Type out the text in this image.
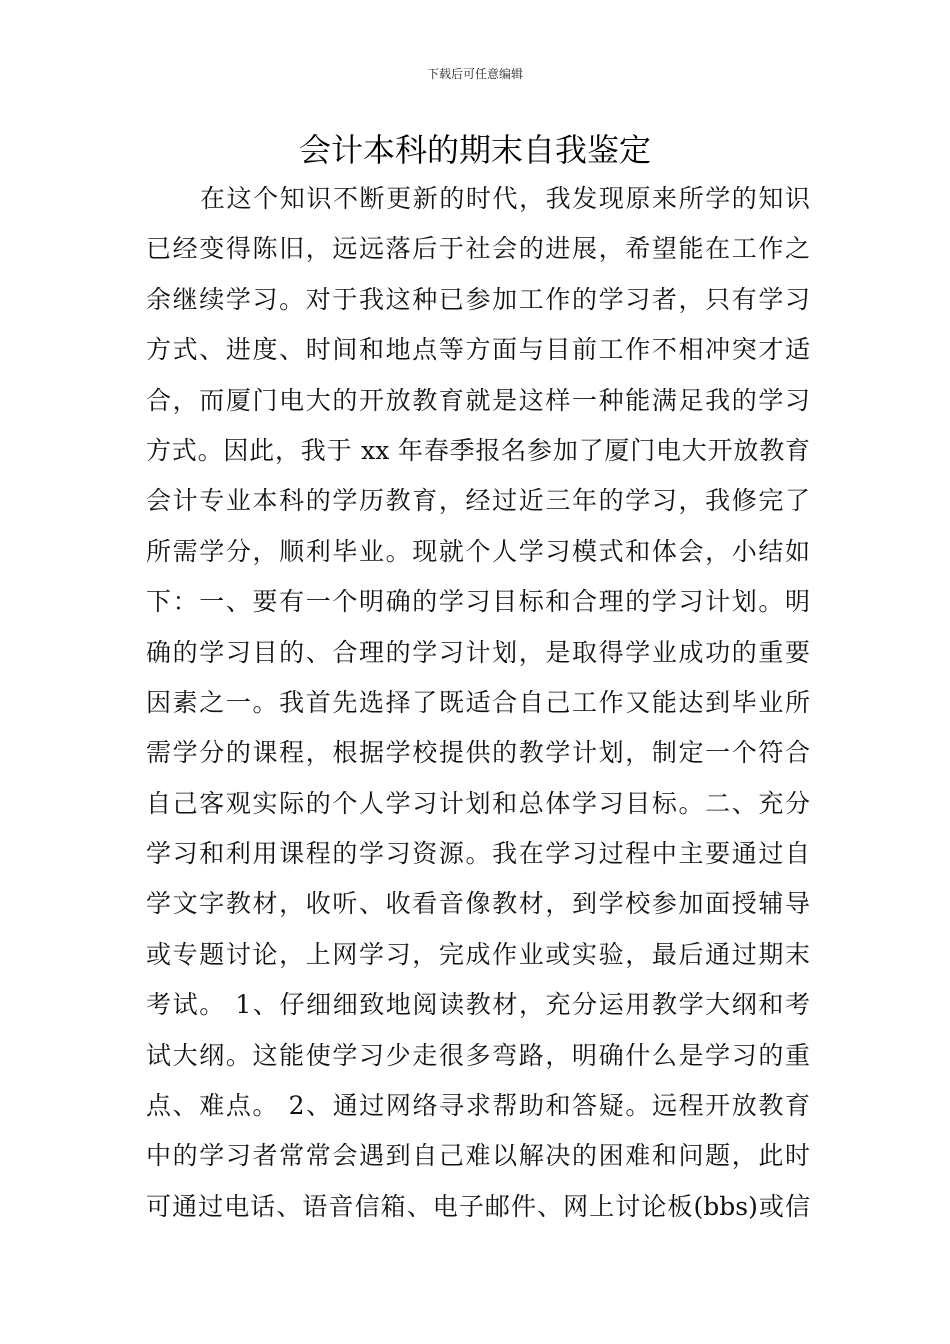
下载后可任意编辑
会计本科的期末自我鉴定
在这个知识不断更新的时代，我发现原来所学的知识
已经变得陈旧，远远落后于社会的进展，希望能在工作之
余继续学习。对于我这种已参加工作的学习者，只有学习
方式、进度、时间和地点等方面与目前工作不相冲突才适
合，而厦门电大的开放教育就是这样一种能满足我的学习
方式。因此，我于 xx 年春季报名参加了厦门电大开放教育
会计专业本科的学历教育，经过近三年的学习，我修完了
所需学分，顺利毕业。现就个人学习模式和体会，小结如
下：一、要有一个明确的学习目标和合理的学习计划。明
确的学习目的、合理的学习计划，是取得学业成功的重要
因素之一。我首先选择了既适合自己工作又能达到毕业所
需学分的课程，根据学校提供的教学计划，制定一个符合
自己客观实际的个人学习计划和总体学习目标。二、充分
学习和利用课程的学习资源。我在学习过程中主要通过自
学文字教材，收听、收看音像教材，到学校参加面授辅导
或专题讨论，上网学习，完成作业或实验，最后通过期末
考试。 1、仔细细致地阅读教材，充分运用教学大纲和考
试大纲。这能使学习少走很多弯路，明确什么是学习的重
点、难点。 2、通过网络寻求帮助和答疑。远程开放教育
中的学习者常常会遇到自己难以解决的困难和问题，此时
可通过电话、语音信箱、电子邮件、网上讨论板(bbs)或信
